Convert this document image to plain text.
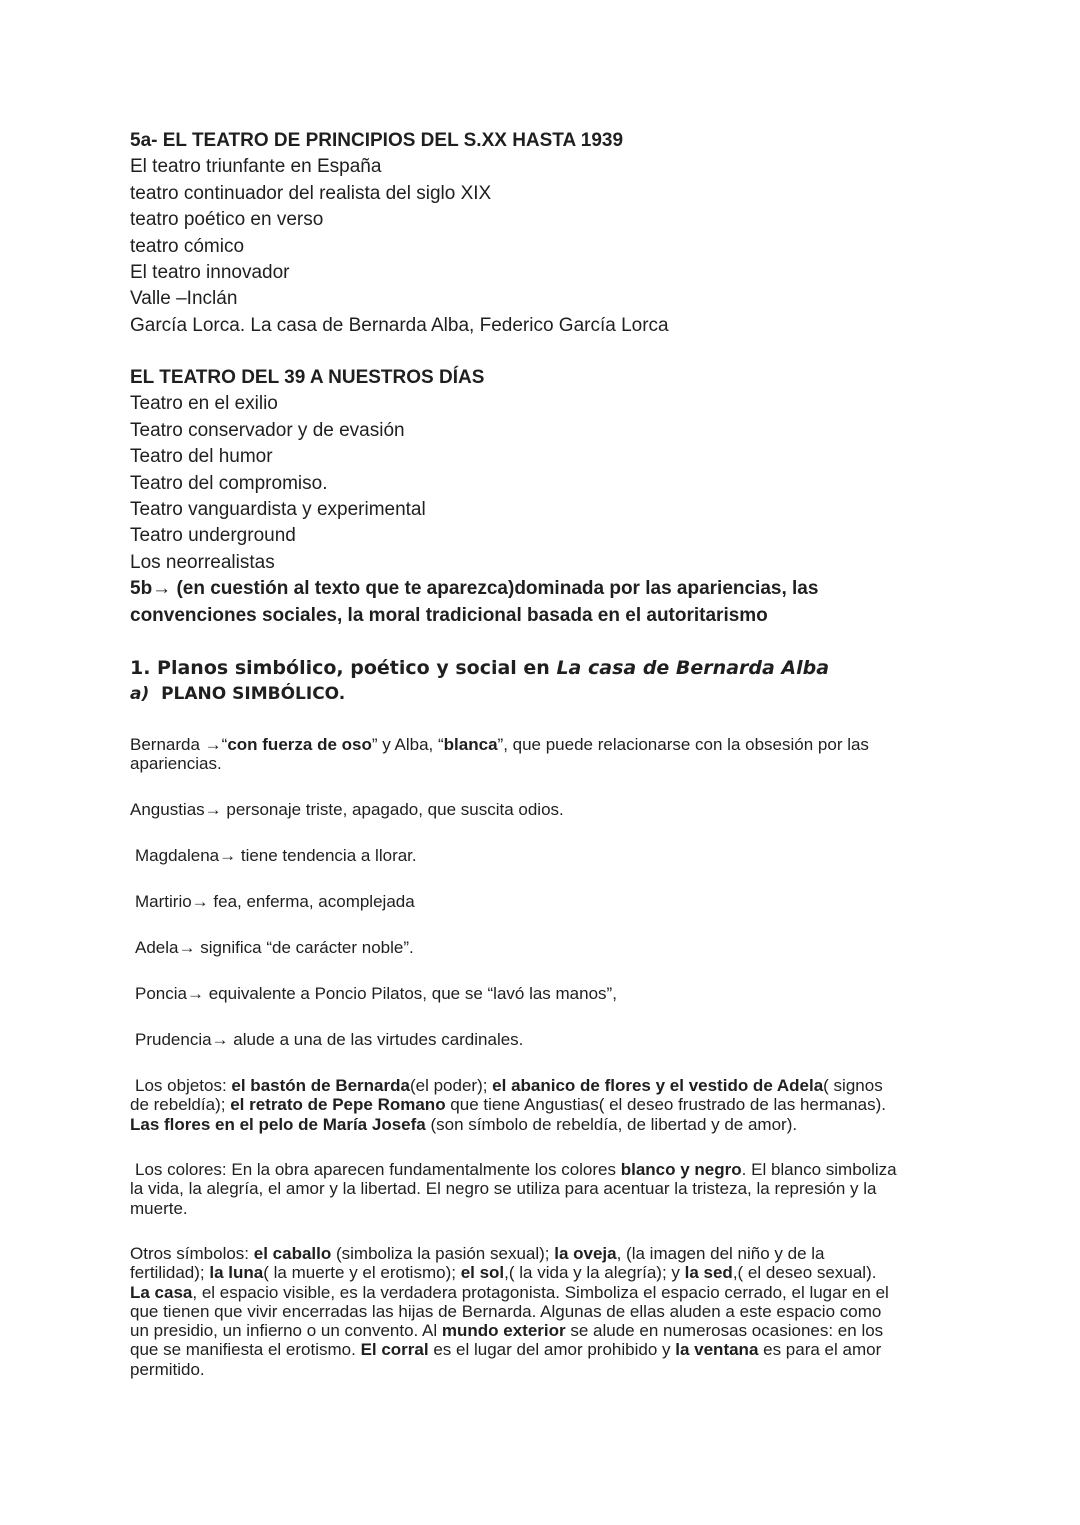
5a- EL TEATRO DE PRINCIPIOS DEL S.XX HASTA 1939
El teatro triunfante en España
teatro continuador del realista del siglo XIX
teatro poético en verso
teatro cómico
El teatro innovador
Valle –Inclán
García Lorca. La casa de Bernarda Alba, Federico García Lorca
EL TEATRO DEL 39 A NUESTROS DÍAS
Teatro en el exilio
Teatro conservador y de evasión
Teatro del humor
Teatro del compromiso.
Teatro vanguardista y experimental
Teatro underground
Los neorrealistas
5b→ (en cuestión al texto que te aparezca)dominada por las apariencias, las
convenciones sociales, la moral tradicional basada en el autoritarismo
1. Planos simbólico, poético y social en La casa de Bernarda Alba
a) PLANO SIMBÓLICO.
Bernarda →“con fuerza de oso” y Alba, “blanca”, que puede relacionarse con la obsesión por las
apariencias.
Angustias→ personaje triste, apagado, que suscita odios.
Magdalena→ tiene tendencia a llorar.
Martirio→ fea, enferma, acomplejada
Adela→ significa “de carácter noble”.
Poncia→ equivalente a Poncio Pilatos, que se “lavó las manos”,
Prudencia→ alude a una de las virtudes cardinales.
Los objetos: el bastón de Bernarda(el poder); el abanico de flores y el vestido de Adela( signos
de rebeldía); el retrato de Pepe Romano que tiene Angustias( el deseo frustrado de las hermanas).
Las flores en el pelo de María Josefa (son símbolo de rebeldía, de libertad y de amor).
Los colores: En la obra aparecen fundamentalmente los colores blanco y negro. El blanco simboliza
la vida, la alegría, el amor y la libertad. El negro se utiliza para acentuar la tristeza, la represión y la
muerte.
Otros símbolos: el caballo (simboliza la pasión sexual); la oveja, (la imagen del niño y de la
fertilidad); la luna( la muerte y el erotismo); el sol,( la vida y la alegría); y la sed,( el deseo sexual).
La casa, el espacio visible, es la verdadera protagonista. Simboliza el espacio cerrado, el lugar en el
que tienen que vivir encerradas las hijas de Bernarda. Algunas de ellas aluden a este espacio como
un presidio, un infierno o un convento. Al mundo exterior se alude en numerosas ocasiones: en los
que se manifiesta el erotismo. El corral es el lugar del amor prohibido y la ventana es para el amor
permitido.
